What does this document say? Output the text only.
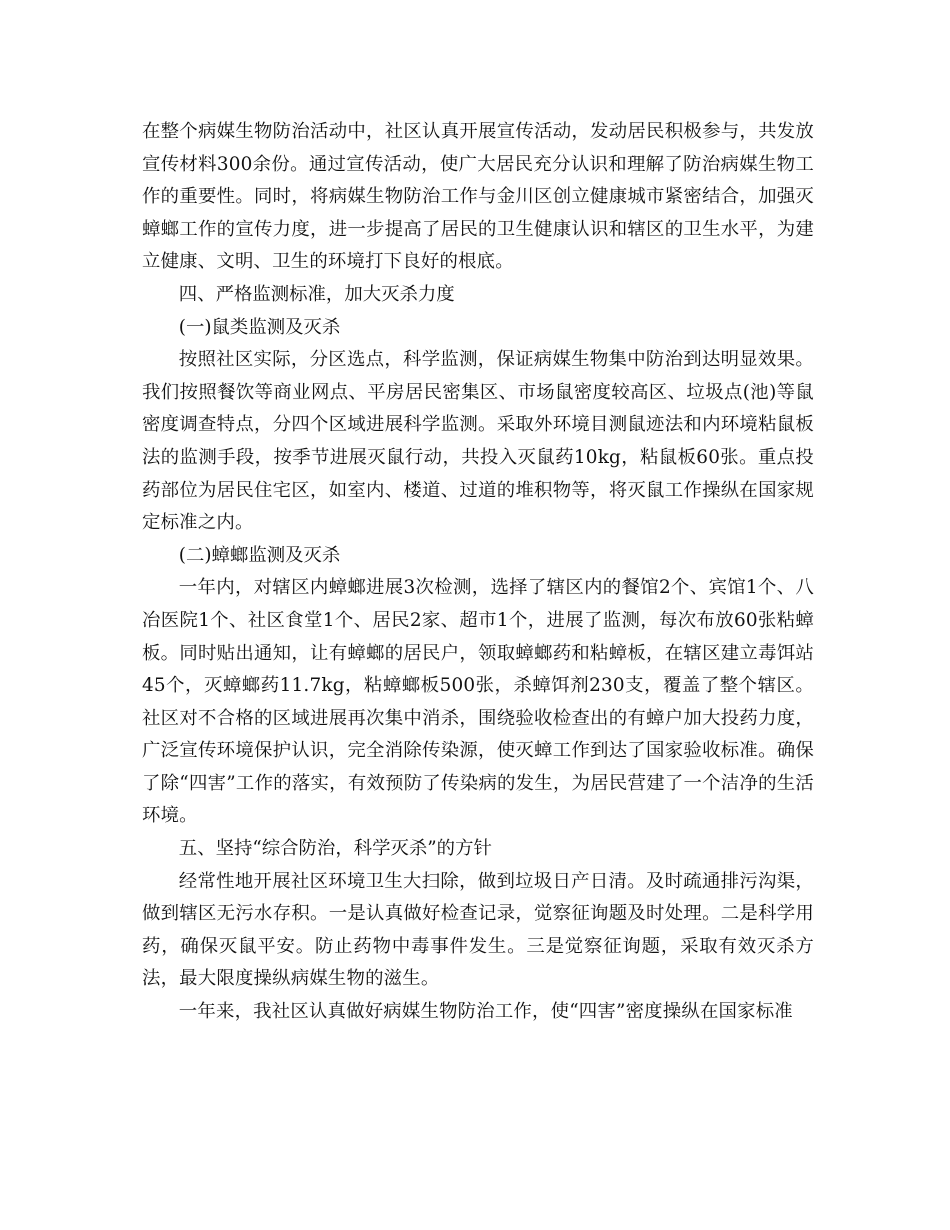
在整个病媒生物防治活动中，社区认真开展宣传活动，发动居民积极参与，共发放宣传材料300余份。通过宣传活动，使广大居民充分认识和理解了防治病媒生物工作的重要性。同时，将病媒生物防治工作与金川区创立健康城市紧密结合，加强灭蟑螂工作的宣传力度，进一步提高了居民的卫生健康认识和辖区的卫生水平，为建立健康、文明、卫生的环境打下良好的根底。

四、严格监测标准，加大灭杀力度

(一)鼠类监测及灭杀

按照社区实际，分区选点，科学监测，保证病媒生物集中防治到达明显效果。我们按照餐饮等商业网点、平房居民密集区、市场鼠密度较高区、垃圾点(池)等鼠密度调查特点，分四个区域进展科学监测。采取外环境目测鼠迹法和内环境粘鼠板法的监测手段，按季节进展灭鼠行动，共投入灭鼠药10kg，粘鼠板60张。重点投药部位为居民住宅区，如室内、楼道、过道的堆积物等，将灭鼠工作操纵在国家规定标准之内。

(二)蟑螂监测及灭杀

一年内，对辖区内蟑螂进展3次检测，选择了辖区内的餐馆2个、宾馆1个、八冶医院1个、社区食堂1个、居民2家、超市1个，进展了监测，每次布放60张粘蟑板。同时贴出通知，让有蟑螂的居民户，领取蟑螂药和粘蟑板，在辖区建立毒饵站45个，灭蟑螂药11.7kg，粘蟑螂板500张，杀蟑饵剂230支，覆盖了整个辖区。社区对不合格的区域进展再次集中消杀，围绕验收检查出的有蟑户加大投药力度，广泛宣传环境保护认识，完全消除传染源，使灭蟑工作到达了国家验收标准。确保了除“四害”工作的落实，有效预防了传染病的发生，为居民营建了一个洁净的生活环境。

五、坚持“综合防治，科学灭杀”的方针

经常性地开展社区环境卫生大扫除，做到垃圾日产日清。及时疏通排污沟渠，做到辖区无污水存积。一是认真做好检查记录，觉察征询题及时处理。二是科学用药，确保灭鼠平安。防止药物中毒事件发生。三是觉察征询题，采取有效灭杀方法，最大限度操纵病媒生物的滋生。

一年来，我社区认真做好病媒生物防治工作，使“四害”密度操纵在国家标准
